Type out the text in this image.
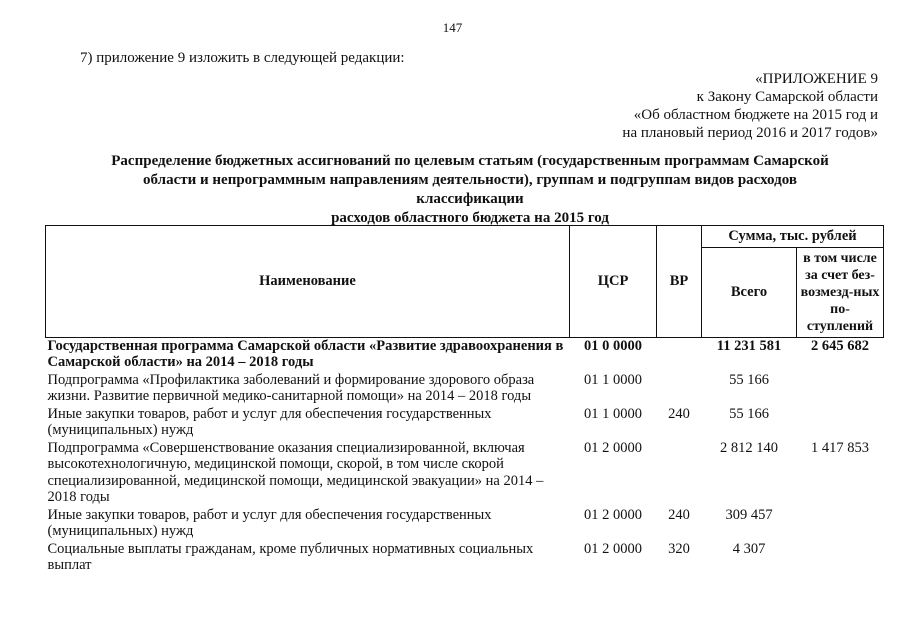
147
7) приложение 9 изложить в следующей редакции:
«ПРИЛОЖЕНИЕ 9
к Закону Самарской области
«Об областном бюджете на 2015 год и
на плановый период 2016 и 2017 годов»
Распределение бюджетных ассигнований по целевым статьям (государственным программам Самарской
области и непрограммным направлениям деятельности), группам и подгруппам видов расходов классификации
расходов областного бюджета на 2015 год
Наименование	ЦСР	ВР	Сумма, тыс. рублей	
			Всего	в том числе за счет без-возмезд-ных по-ступлений
Государственная программа Самарской области «Развитие здравоохранения в Самарской области» на 2014 – 2018 годы	01 0 0000		11 231 581	2 645 682
Подпрограмма «Профилактика заболеваний и формирование здорового образа жизни. Развитие первичной медико-санитарной помощи» на 2014 – 2018 годы	01 1 0000		55 166	
Иные закупки товаров, работ и услуг для обеспечения государственных (муниципальных) нужд	01 1 0000	240	55 166	
Подпрограмма «Совершенствование оказания специализированной, включая высокотехнологичную, медицинской помощи, скорой, в том числе скорой специализированной, медицинской помощи, медицинской эвакуации» на 2014 – 2018 годы	01 2 0000		2 812 140	1 417 853
Иные закупки товаров, работ и услуг для обеспечения государственных (муниципальных) нужд	01 2 0000	240	309 457	
Социальные выплаты гражданам, кроме публичных нормативных социальных выплат	01 2 0000	320	4 307	
